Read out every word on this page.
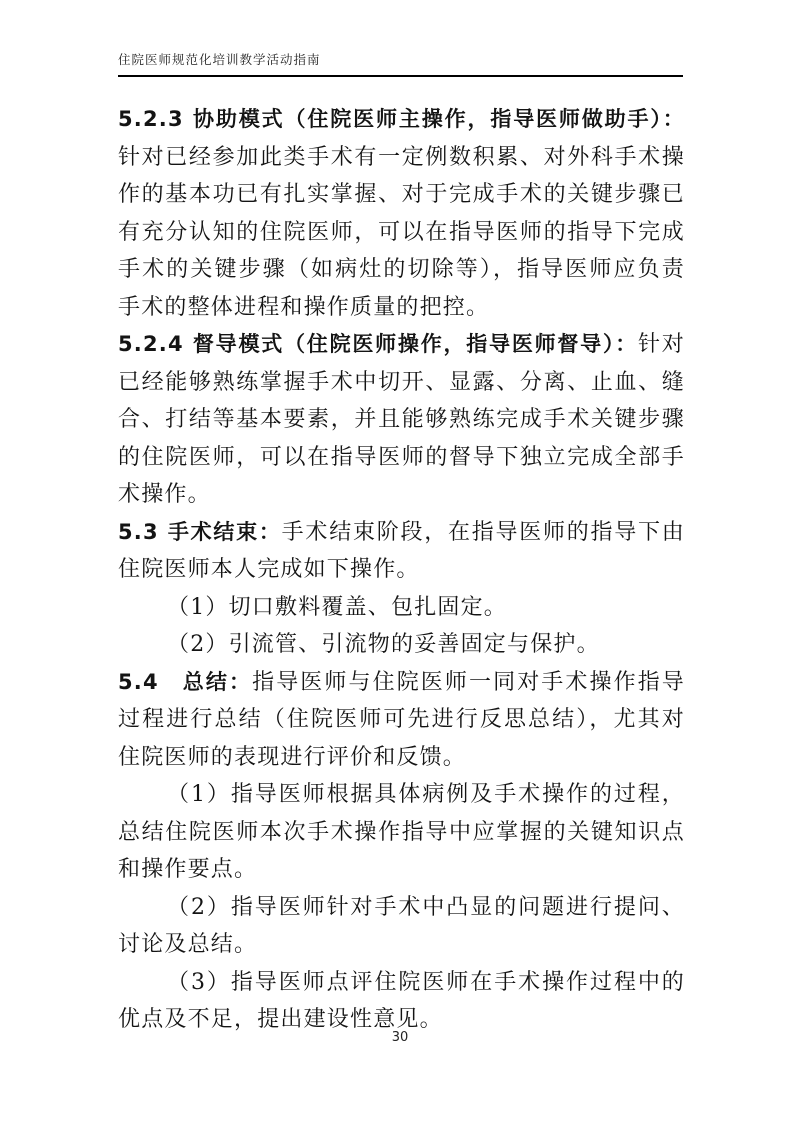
住院医师规范化培训教学活动指南

5.2.3 协助模式（住院医师主操作，指导医师做助手）：针对已经参加此类手术有一定例数积累、对外科手术操作的基本功已有扎实掌握、对于完成手术的关键步骤已有充分认知的住院医师，可以在指导医师的指导下完成手术的关键步骤（如病灶的切除等），指导医师应负责手术的整体进程和操作质量的把控。

5.2.4 督导模式（住院医师操作，指导医师督导）：针对已经能够熟练掌握手术中切开、显露、分离、止血、缝合、打结等基本要素，并且能够熟练完成手术关键步骤的住院医师，可以在指导医师的督导下独立完成全部手术操作。

5.3 手术结束：手术结束阶段，在指导医师的指导下由住院医师本人完成如下操作。

（1）切口敷料覆盖、包扎固定。

（2）引流管、引流物的妥善固定与保护。

5.4　总结：指导医师与住院医师一同对手术操作指导过程进行总结（住院医师可先进行反思总结），尤其对住院医师的表现进行评价和反馈。

（1）指导医师根据具体病例及手术操作的过程，总结住院医师本次手术操作指导中应掌握的关键知识点和操作要点。

（2）指导医师针对手术中凸显的问题进行提问、讨论及总结。

（3）指导医师点评住院医师在手术操作过程中的优点及不足，提出建设性意见。

30
